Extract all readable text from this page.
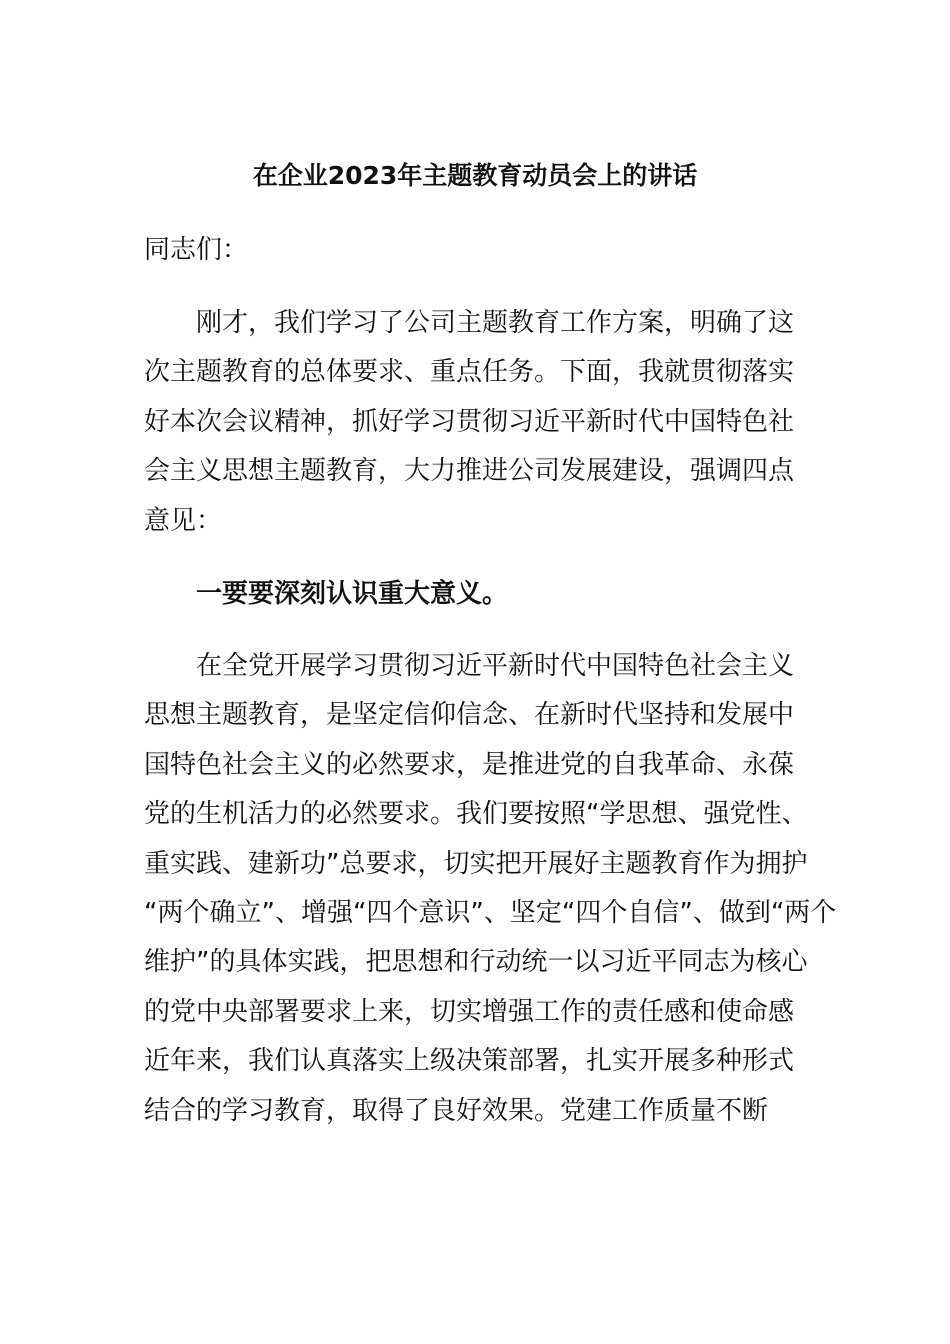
在企业2023年主题教育动员会上的讲话

同志们：

刚才，我们学习了公司主题教育工作方案，明确了这
次主题教育的总体要求、重点任务。下面，我就贯彻落实
好本次会议精神，抓好学习贯彻习近平新时代中国特色社
会主义思想主题教育，大力推进公司发展建设，强调四点
意见：
一要要深刻认识重大意义。
在全党开展学习贯彻习近平新时代中国特色社会主义
思想主题教育，是坚定信仰信念、在新时代坚持和发展中
国特色社会主义的必然要求，是推进党的自我革命、永葆
党的生机活力的必然要求。我们要按照“学思想、强党性、
重实践、建新功”总要求，切实把开展好主题教育作为拥护
“两个确立”、增强“四个意识”、坚定“四个自信”、做到“两个
维护”的具体实践，把思想和行动统一以习近平同志为核心
的党中央部署要求上来，切实增强工作的责任感和使命感
近年来，我们认真落实上级决策部署，扎实开展多种形式
结合的学习教育，取得了良好效果。党建工作质量不断
